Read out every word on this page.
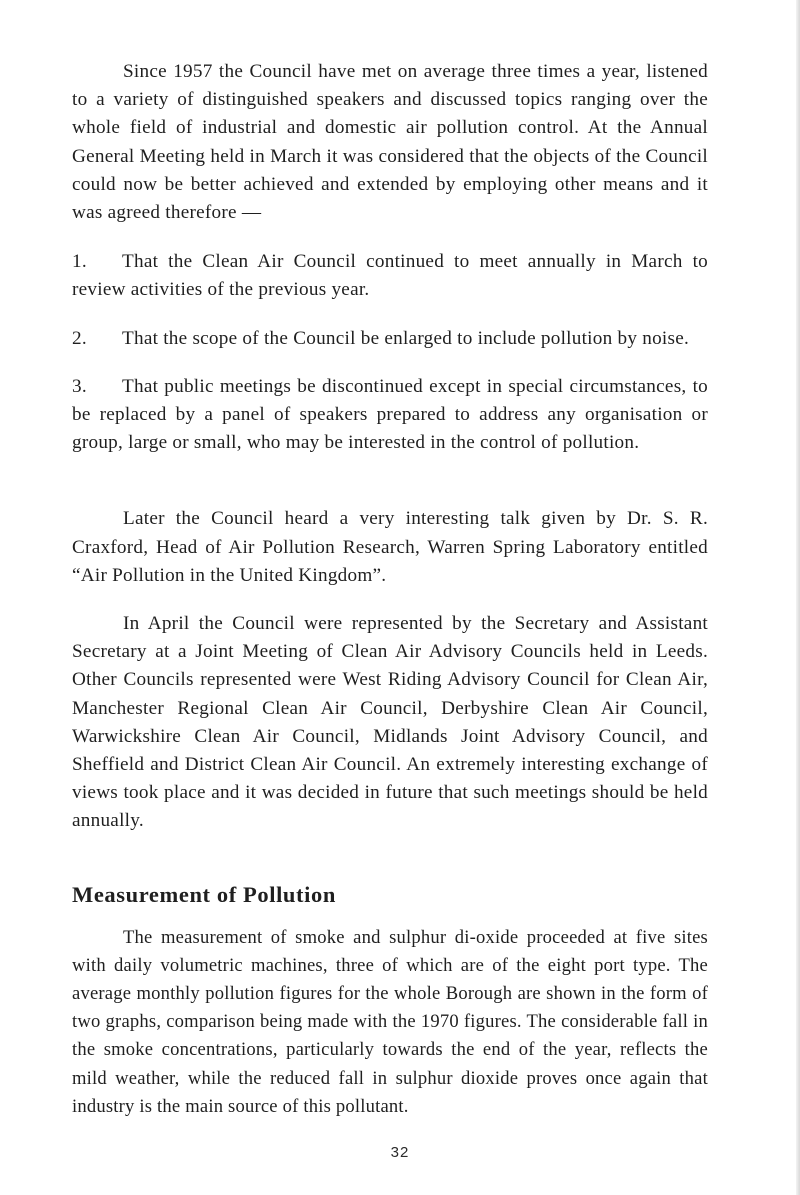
Since 1957 the Council have met on average three times a year, listened to a variety of distinguished speakers and discussed topics ranging over the whole field of industrial and domestic air pollution control. At the Annual General Meeting held in March it was considered that the objects of the Council could now be better achieved and extended by employing other means and it was agreed therefore —

1. That the Clean Air Council continued to meet annually in March to review activities of the previous year.

2. That the scope of the Council be enlarged to include pollution by noise.

3. That public meetings be discontinued except in special circumstances, to be replaced by a panel of speakers prepared to address any organisation or group, large or small, who may be interested in the control of pollution.

Later the Council heard a very interesting talk given by Dr. S. R. Craxford, Head of Air Pollution Research, Warren Spring Laboratory entitled “Air Pollution in the United Kingdom”.

In April the Council were represented by the Secretary and Assistant Secretary at a Joint Meeting of Clean Air Advisory Councils held in Leeds. Other Councils represented were West Riding Advisory Council for Clean Air, Manchester Regional Clean Air Council, Derbyshire Clean Air Council, Warwickshire Clean Air Council, Midlands Joint Advisory Council, and Sheffield and District Clean Air Council. An extremely interesting exchange of views took place and it was decided in future that such meetings should be held annually.

Measurement of Pollution

The measurement of smoke and sulphur di-oxide proceeded at five sites with daily volumetric machines, three of which are of the eight port type. The average monthly pollution figures for the whole Borough are shown in the form of two graphs, comparison being made with the 1970 figures. The considerable fall in the smoke concentrations, particularly towards the end of the year, reflects the mild weather, while the reduced fall in sulphur dioxide proves once again that industry is the main source of this pollutant.

32
